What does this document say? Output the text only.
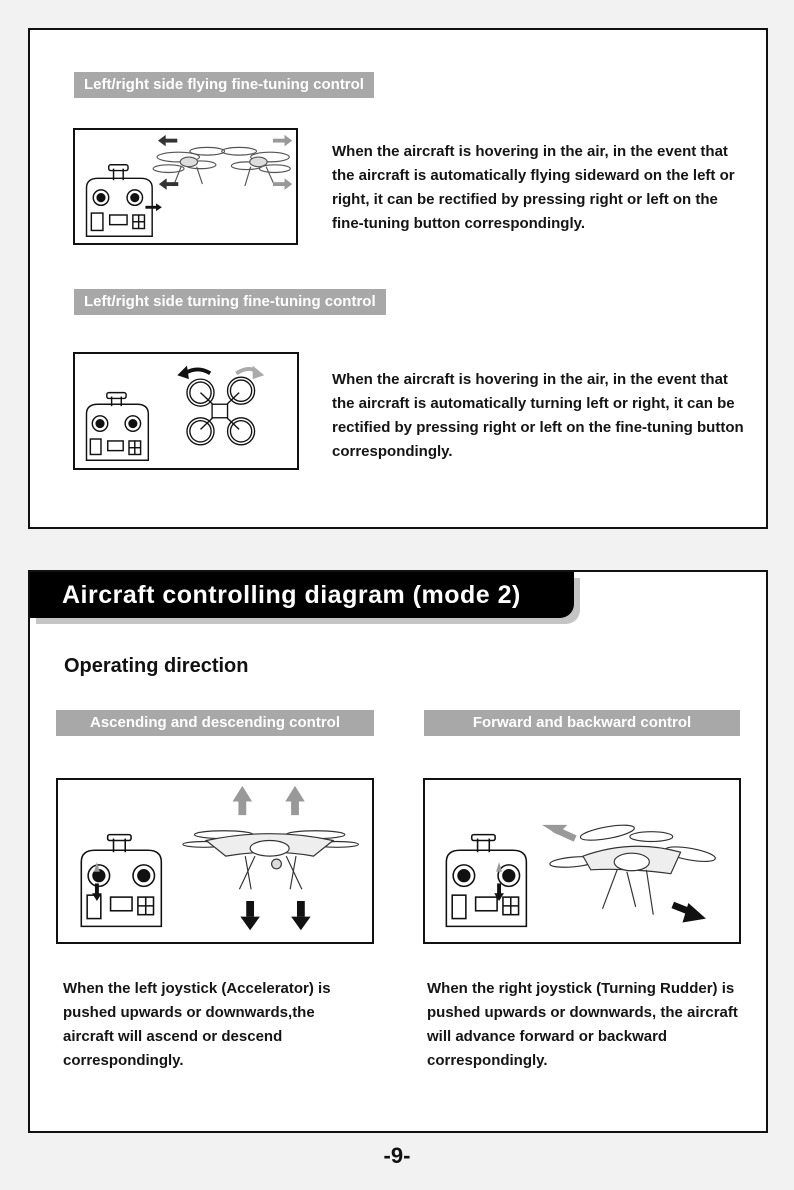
Left/right side flying fine-tuning control
When the aircraft is hovering in the air, in the event that the aircraft is automatically flying sideward on the left or right, it can be rectified by pressing right or left on the fine-tuning button correspondingly.
Left/right side turning fine-tuning control
When the aircraft is hovering in the air, in the event that the aircraft is automatically turning left or right, it can be rectified by pressing right or left on the fine-tuning button correspondingly.
Aircraft controlling diagram (mode 2)
Operating direction
Ascending and descending control	Forward and backward control
When the left joystick (Accelerator) is pushed upwards or downwards,the aircraft will ascend or descend correspondingly.
When the right joystick (Turning Rudder) is pushed upwards or downwards, the aircraft will advance forward or backward correspondingly.
-9-
